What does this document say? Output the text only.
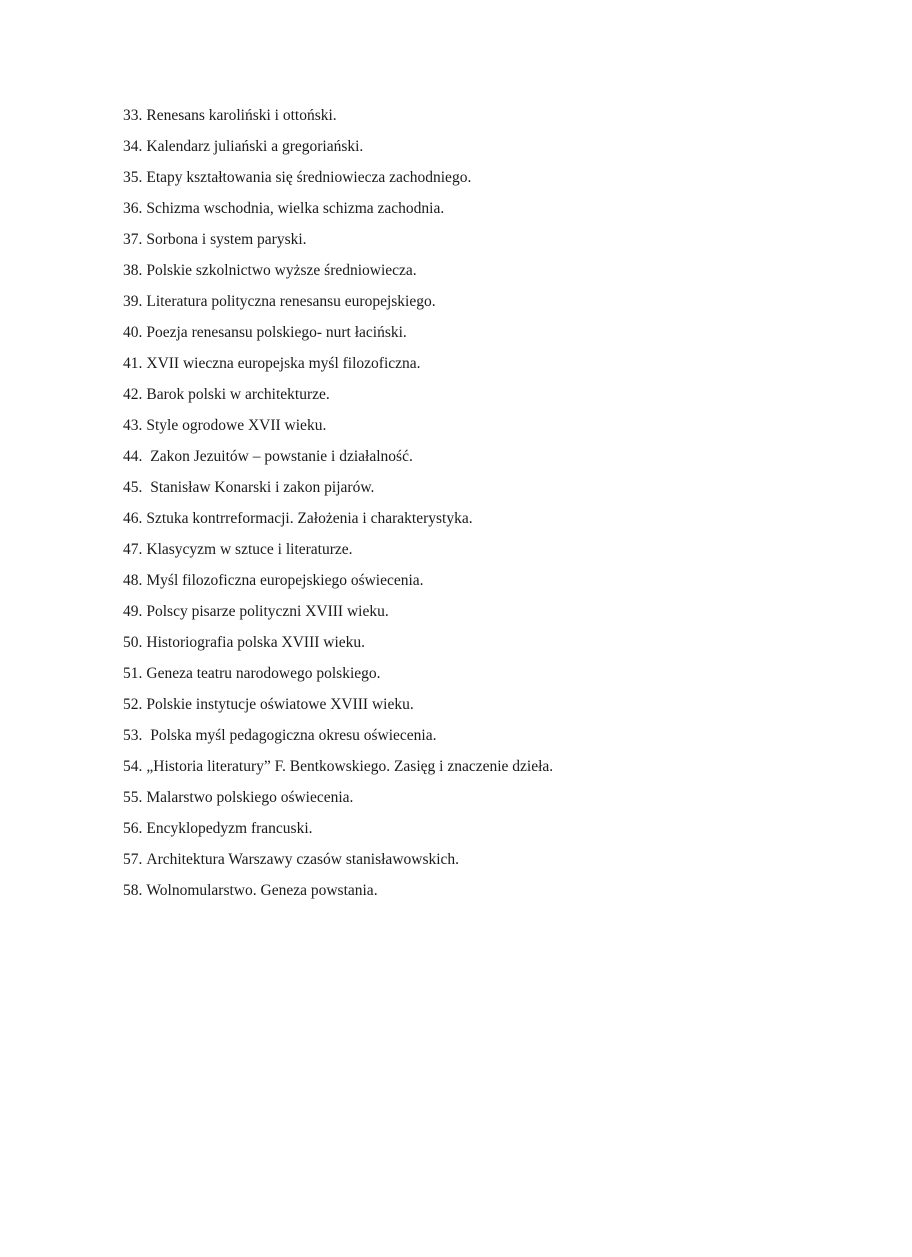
33. Renesans karoliński i ottoński.
34. Kalendarz juliański a gregoriański.
35. Etapy kształtowania się średniowiecza zachodniego.
36. Schizma wschodnia, wielka schizma zachodnia.
37. Sorbona i system paryski.
38. Polskie szkolnictwo wyższe średniowiecza.
39. Literatura polityczna renesansu europejskiego.
40. Poezja renesansu polskiego- nurt łaciński.
41. XVII wieczna europejska myśl filozoficzna.
42. Barok polski w architekturze.
43. Style ogrodowe XVII wieku.
44. Zakon Jezuitów – powstanie i działalność.
45. Stanisław Konarski i zakon pijarów.
46. Sztuka kontrreformacji. Założenia i charakterystyka.
47. Klasycyzm w sztuce i literaturze.
48. Myśl filozoficzna europejskiego oświecenia.
49. Polscy pisarze polityczni XVIII wieku.
50. Historiografia polska XVIII wieku.
51. Geneza teatru narodowego polskiego.
52. Polskie instytucje oświatowe XVIII wieku.
53. Polska myśl pedagogiczna okresu oświecenia.
54. „Historia literatury” F. Bentkowskiego. Zasięg i znaczenie dzieła.
55. Malarstwo polskiego oświecenia.
56. Encyklopedyzm francuski.
57. Architektura Warszawy czasów stanisławowskich.
58. Wolnomularstwo. Geneza powstania.
